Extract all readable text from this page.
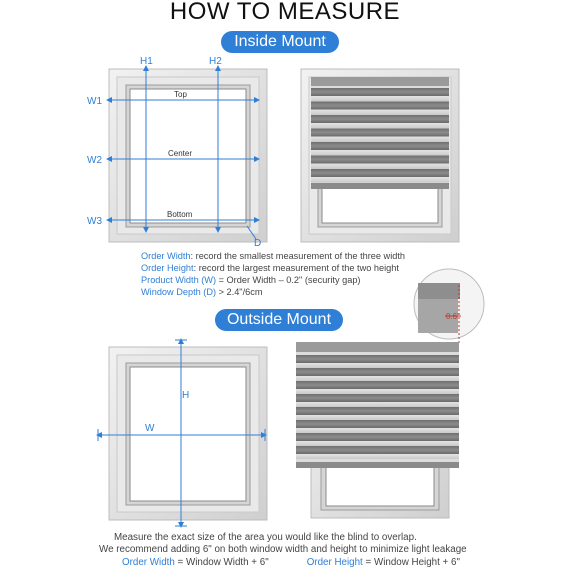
HOW TO MEASURE
Inside Mount
Outside Mount
H1	H2
W1
W2
W3
Top
Center
Bottom
D
0.6"
H
W
Order Width: record the smallest measurement of the three width
Order Height: record the largest measurement of the two height
Product Width (W) = Order Width – 0.2" (security gap)
Window Depth (D) > 2.4"/6cm
Measure the exact size of the area you would like the blind to overlap.
We recommend adding 6" on both window width and height to minimize light leakage
Order Width = Window Width + 6"	Order Height = Window Height + 6"
